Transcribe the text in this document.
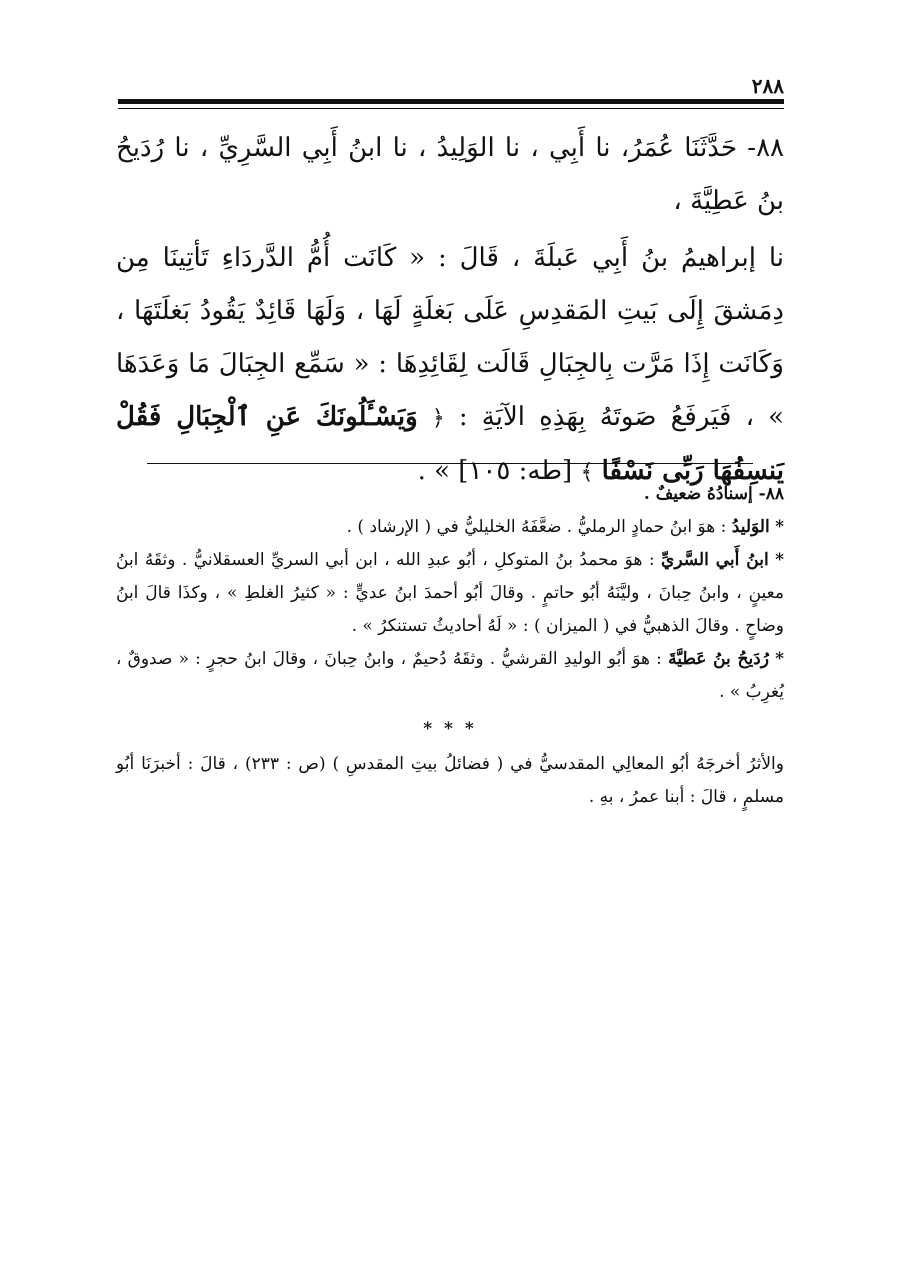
٢٨٨

٨٨- حَدَّثَنَا عُمَرُ، نا أَبِي ، نا الوَلِيدُ ، نا ابنُ أَبِي السَّرِيِّ ، نا رُدَيحُ بنُ عَطِيَّةَ ،

نا إبراهيمُ بنُ أَبِي عَبلَةَ ، قَالَ : « كَانَت أُمُّ الدَّردَاءِ تَأتِينَا مِن دِمَشقَ إِلَى بَيتِ المَقدِسِ عَلَى بَغلَةٍ لَهَا ، وَلَهَا قَائِدٌ يَقُودُ بَغلَتَهَا ، وَكَانَت إِذَا مَرَّت بِالجِبَالِ قَالَت لِقَائِدِهَا : « سَمِّع الجِبَالَ مَا وَعَدَهَا » ، فَيَرفَعُ صَوتَهُ بِهَذِهِ الآيَةِ : ﴿ وَيَسْـَٔلُونَكَ عَنِ ٱلْجِبَالِ فَقُلْ يَنسِفُهَا رَبِّى نَسْفًا ﴾ [طه: ١٠٥] » .

٨٨- إسنادُهُ ضعيفٌ .

* الوَليدُ : هوَ ابنُ حمادٍ الرمليُّ . ضعَّفَهُ الخليليُّ في ( الإرشاد ) .

* ابنُ أَبي السَّريِّ : هوَ محمدُ بنُ المتوكلِ ، أبُو عبدِ الله ، ابن أبي السريِّ العسقلانيُّ . وثقَهُ ابنُ معينٍ ، وابنُ حِبانَ ، وليَّنَهُ أبُو حاتمٍ . وقالَ أبُو أحمدَ ابنُ عديٍّ : « كثيرُ الغلطِ » ، وكذَا قالَ ابنُ وضاحٍ . وقالَ الذهبيُّ في ( الميزان ) : « لَهُ أحاديثُ تستنكرُ » .

* رُدَيحُ بنُ عَطيَّةَ : هوَ أبُو الوليدِ القرشيُّ . وثقَهُ دُحيمٌ ، وابنُ حِبانَ ، وقالَ ابنُ حجرٍ : « صدوقٌ ، يُغرِبُ » .

* * *

والأثرُ أخرجَهُ أبُو المعالِي المقدسيُّ في ( فضائلُ بيتِ المقدسِ ) (ص : ٢٣٣) ، قالَ : أخبرَنَا أبُو مسلمٍ ، قالَ : أبنا عمرُ ، بهِ .
